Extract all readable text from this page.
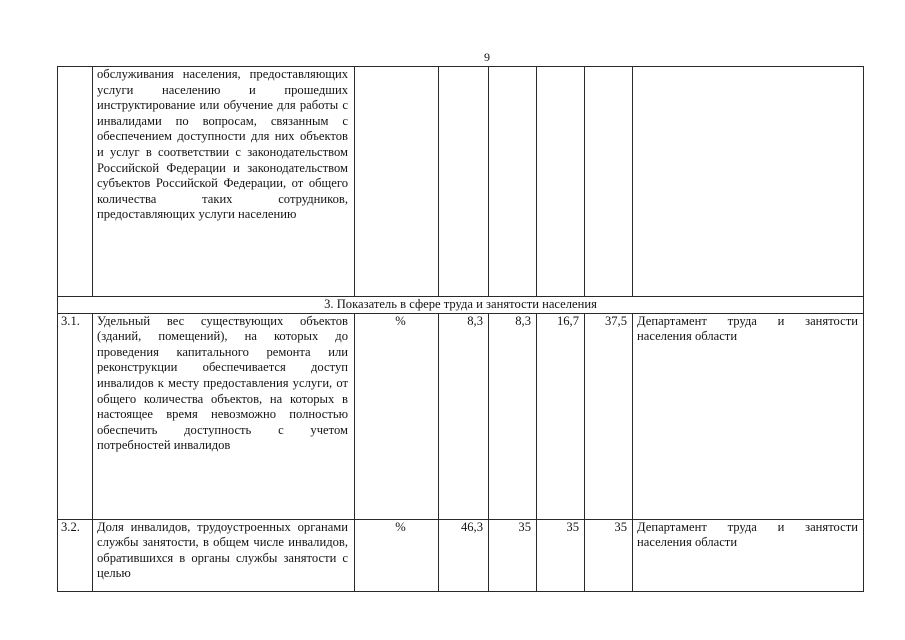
9

	обслуживания населения, предоставляющих услуги населению и прошедших инструктирование или обучение для работы с инвалидами по вопросам, связанным с обеспечением доступности для них объектов и услуг в соответствии с законодательством Российской Федерации и законодательством субъектов Российской Федерации, от общего количества таких сотрудников, предоставляющих услуги населению						

3. Показатель в сфере труда и занятости населения							
3.1.	Удельный вес существующих объектов (зданий, помещений), на которых до проведения капитального ремонта или реконструкции обеспечивается доступ инвалидов к месту предоставления услуги, от общего количества объектов, на которых в настоящее время невозможно полностью обеспечить доступность с учетом потребностей инвалидов	%	8,3	8,3	16,7	37,5	Департамент труда и занятости населения области

3.2.	Доля инвалидов, трудоустроенных органами службы занятости, в общем числе инвалидов, обратившихся в органы службы занятости с целью	%	46,3	35	35	35	Департамент труда и занятости населения области
